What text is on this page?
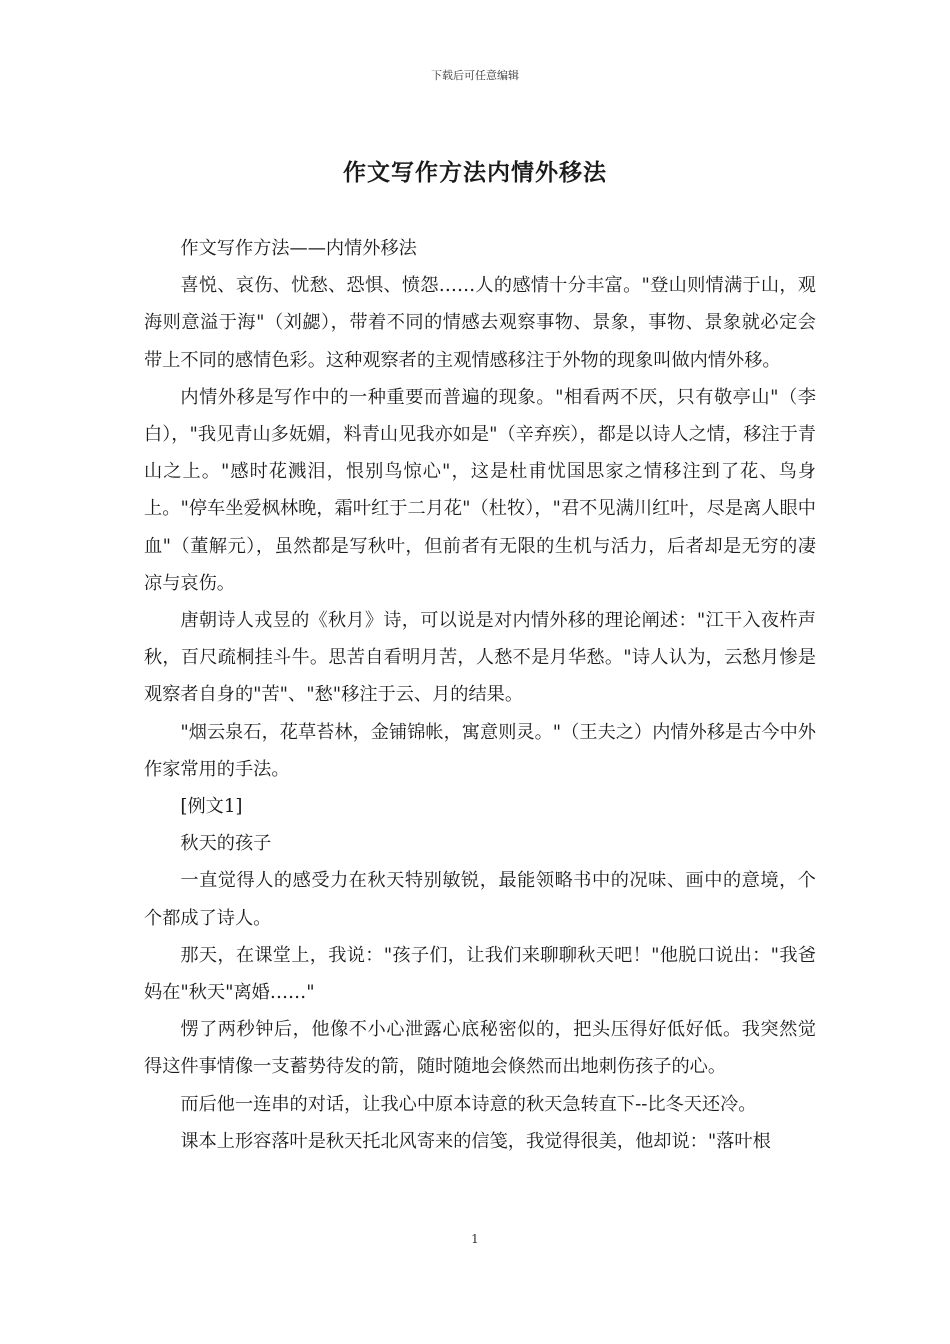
下载后可任意编辑
作文写作方法内情外移法

作文写作方法——内情外移法

喜悦、哀伤、忧愁、恐惧、愤怨……人的感情十分丰富。"登山则情满于山，观海则意溢于海"（刘勰），带着不同的情感去观察事物、景象，事物、景象就必定会带上不同的感情色彩。这种观察者的主观情感移注于外物的现象叫做内情外移。

内情外移是写作中的一种重要而普遍的现象。"相看两不厌，只有敬亭山"（李白），"我见青山多妩媚，料青山见我亦如是"（辛弃疾），都是以诗人之情，移注于青山之上。"感时花溅泪，恨别鸟惊心"，这是杜甫忧国思家之情移注到了花、鸟身上。"停车坐爱枫林晚，霜叶红于二月花"（杜牧），"君不见满川红叶，尽是离人眼中血"（董解元），虽然都是写秋叶，但前者有无限的生机与活力，后者却是无穷的凄凉与哀伤。

唐朝诗人戎昱的《秋月》诗，可以说是对内情外移的理论阐述："江干入夜杵声秋，百尺疏桐挂斗牛。思苦自看明月苦，人愁不是月华愁。"诗人认为，云愁月惨是观察者自身的"苦"、"愁"移注于云、月的结果。

"烟云泉石，花草苔林，金铺锦帐，寓意则灵。"（王夫之）内情外移是古今中外作家常用的手法。

[例文1]

秋天的孩子

一直觉得人的感受力在秋天特别敏锐，最能领略书中的况味、画中的意境，个个都成了诗人。

那天，在课堂上，我说："孩子们，让我们来聊聊秋天吧！"他脱口说出："我爸妈在"秋天"离婚……"

愣了两秒钟后，他像不小心泄露心底秘密似的，把头压得好低好低。我突然觉得这件事情像一支蓄势待发的箭，随时随地会倏然而出地刺伤孩子的心。

而后他一连串的对话，让我心中原本诗意的秋天急转直下--比冬天还冷。

课本上形容落叶是秋天托北风寄来的信笺，我觉得很美，他却说："落叶根

1
